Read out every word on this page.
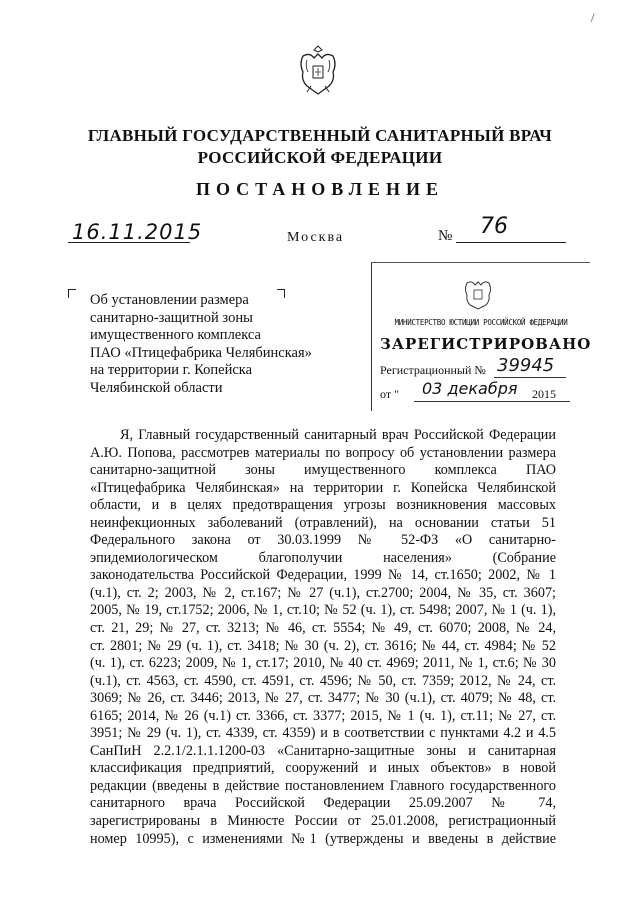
ГЛАВНЫЙ ГОСУДАРСТВЕННЫЙ САНИТАРНЫЙ ВРАЧ
РОССИЙСКОЙ ФЕДЕРАЦИИ
ПОСТАНОВЛЕНИЕ
16.11.2015	Москва	№ 76
Об установлении размера
санитарно-защитной зоны
имущественного комплекса
ПАО «Птицефабрика Челябинская»
на территории г. Копейска
Челябинской области
МИНИСТЕРСТВО ЮСТИЦИИ РОССИЙСКОЙ ФЕДЕРАЦИИ
ЗАРЕГИСТРИРОВАНО
Регистрационный № 39945
от " 03 декабря 2015
Я, Главный государственный санитарный врач Российской Федерации
А.Ю. Попова, рассмотрев материалы по вопросу об установлении размера
санитарно-защитной зоны имущественного комплекса ПАО
«Птицефабрика Челябинская» на территории г. Копейска Челябинской
области, и в целях предотвращения угрозы возникновения массовых
неинфекционных заболеваний (отравлений), на основании статьи 51
Федерального закона от 30.03.1999 № 52-ФЗ «О санитарно-
эпидемиологическом благополучии населения» (Собрание
законодательства Российской Федерации, 1999 № 14, ст.1650; 2002, № 1
(ч.1), ст. 2; 2003, № 2, ст.167; № 27 (ч.1), ст.2700; 2004, № 35, ст. 3607;
2005, № 19, ст.1752; 2006, № 1, ст.10; № 52 (ч. 1), ст. 5498; 2007, № 1 (ч. 1),
ст. 21, 29; № 27, ст. 3213; № 46, ст. 5554; № 49, ст. 6070; 2008, № 24,
ст. 2801; № 29 (ч. 1), ст. 3418; № 30 (ч. 2), ст. 3616; № 44, ст. 4984; № 52
(ч. 1), ст. 6223; 2009, № 1, ст.17; 2010, № 40 ст. 4969; 2011, № 1, ст.6; № 30
(ч.1), ст. 4563, ст. 4590, ст. 4591, ст. 4596; № 50, ст. 7359; 2012, № 24, ст.
3069; № 26, ст. 3446; 2013, № 27, ст. 3477; № 30 (ч.1), ст. 4079; № 48, ст.
6165; 2014, № 26 (ч.1) ст. 3366, ст. 3377; 2015, № 1 (ч. 1), ст.11; № 27, ст.
3951; № 29 (ч. 1), ст. 4339, ст. 4359) и в соответствии с пунктами 4.2 и 4.5
СанПиН 2.2.1/2.1.1.1200-03 «Санитарно-защитные зоны и санитарная
классификация предприятий, сооружений и иных объектов» в новой
редакции (введены в действие постановлением Главного государственного
санитарного врача Российской Федерации 25.09.2007 № 74,
зарегистрированы в Минюсте России от 25.01.2008, регистрационный
номер 10995), с изменениями №1 (утверждены и введены в действие
